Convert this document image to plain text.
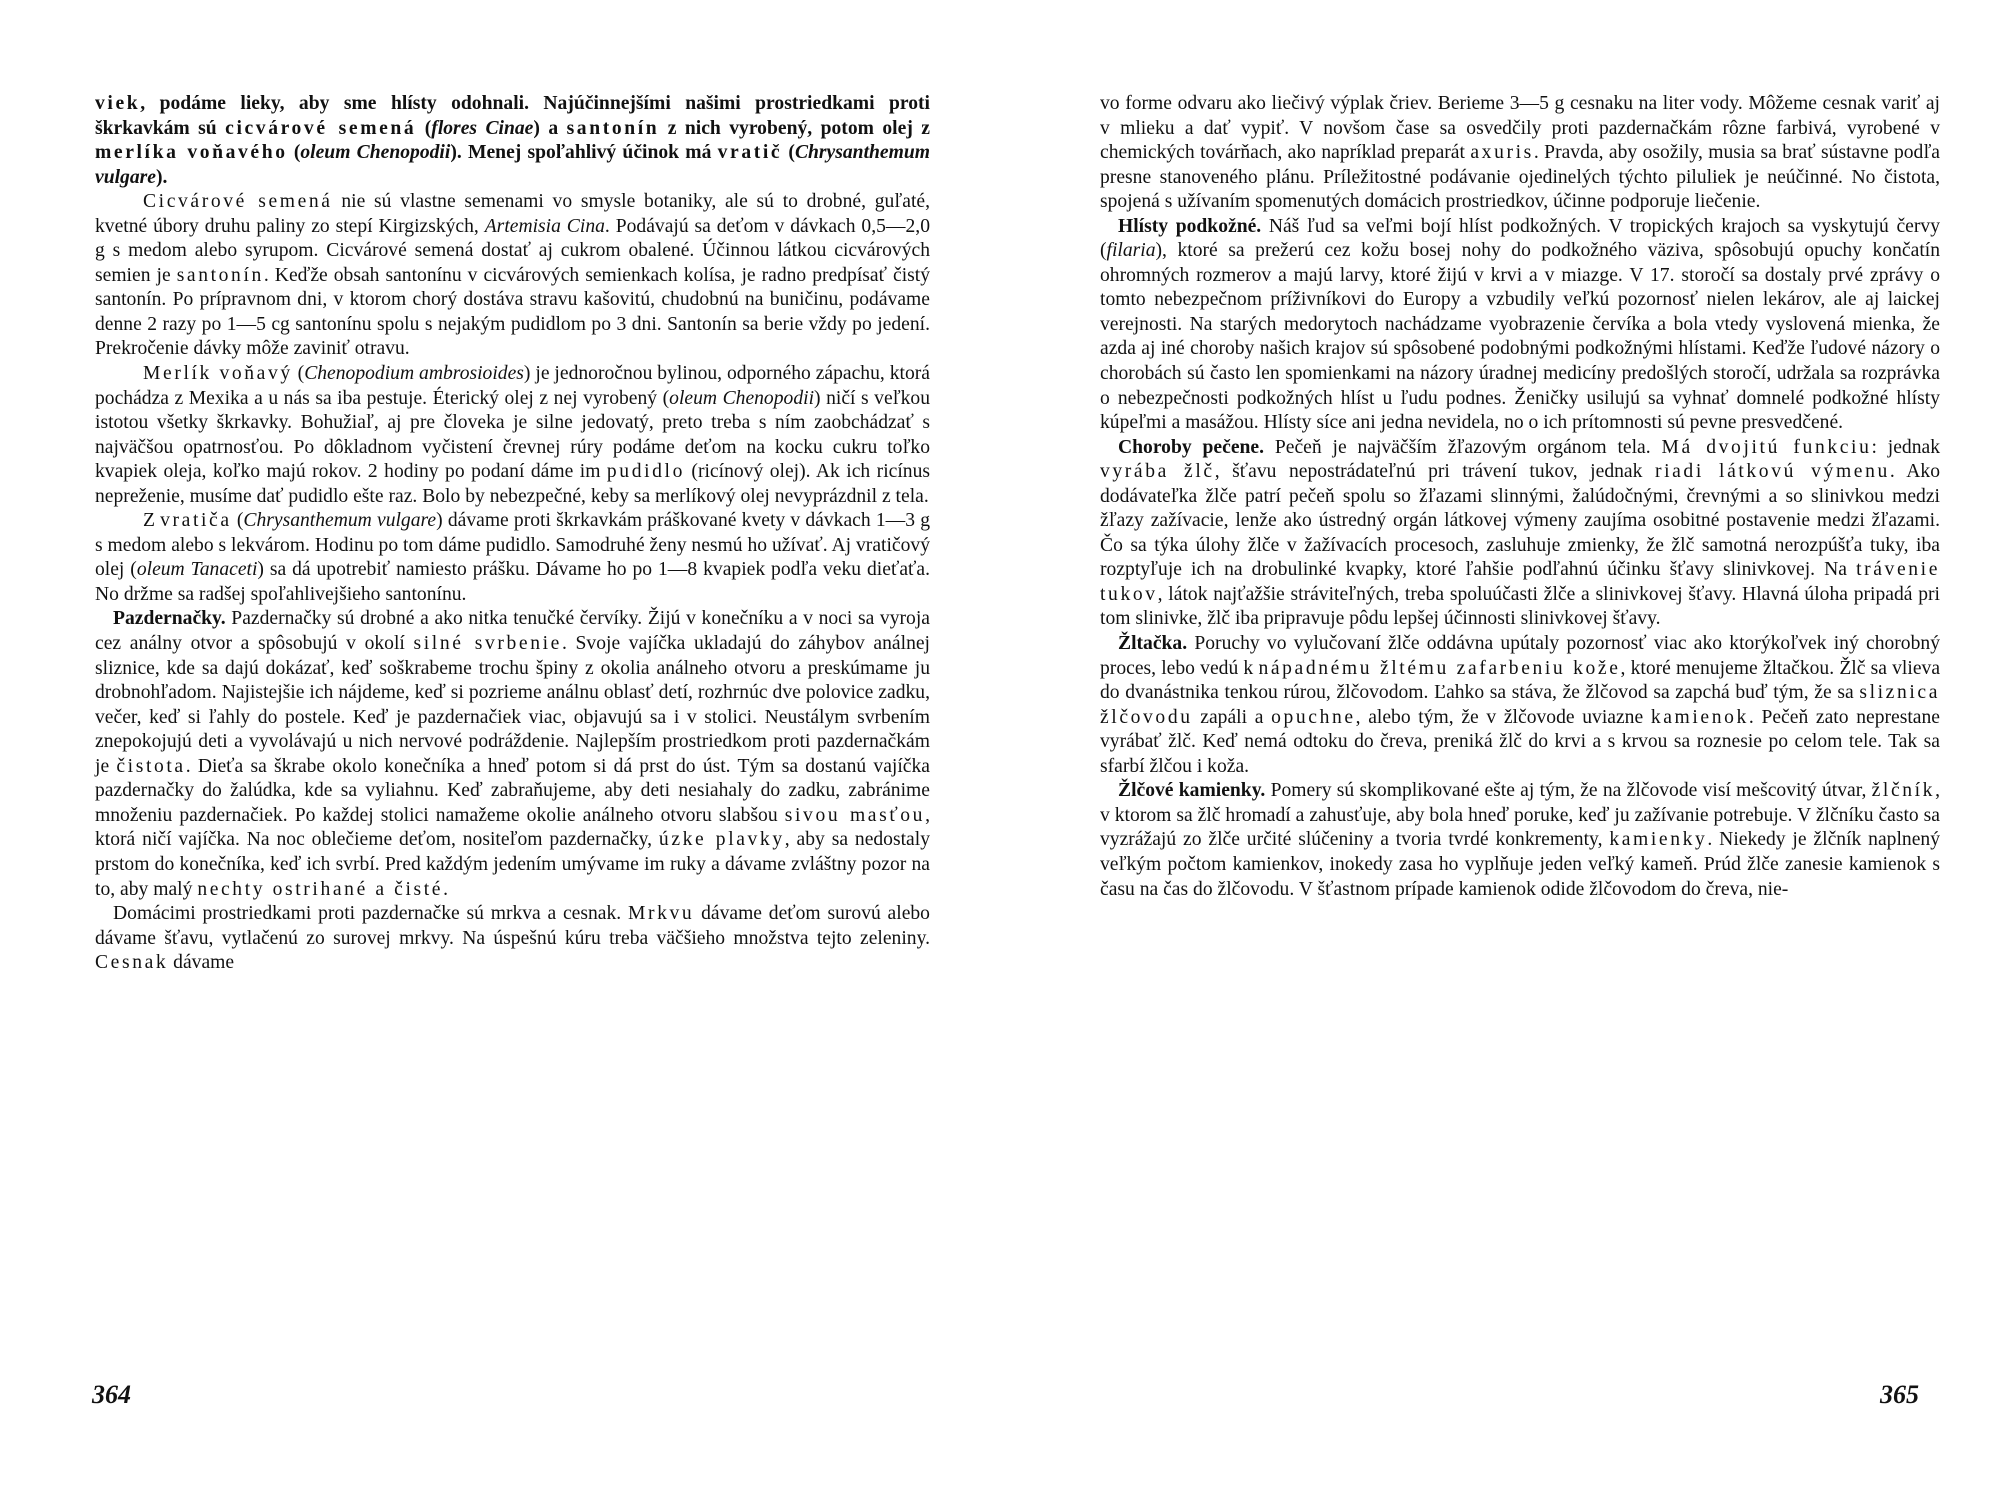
viek, podáme lieky, aby sme hlísty odohnali. Najúčinnejšími našimi prostriedkami proti škrkavkám sú cicvárové semená (flores Cinae) a santonín z nich vyrobený, potom olej z merlíka voňavého (oleum Chenopodii). Menej spoľahlivý účinok má vratič (Chrysanthemum vulgare).

Cicvárové semená nie sú vlastne semenami vo smysle botaniky, ale sú to drobné, guľaté, kvetné úbory druhu paliny zo stepí Kirgizských, Artemisia Cina. Podávajú sa deťom v dávkach 0,5—2,0 g s medom alebo syrupom. Cicvárové semená dostať aj cukrom obalené. Účinnou látkou cicvárových semien je santonín. Keďže obsah santonínu v cicvárových semienkach kolísa, je radno predpísať čistý santonín. Po prípravnom dni, v ktorom chorý dostáva stravu kašovitú, chudobnú na buničinu, podávame denne 2 razy po 1—5 cg santonínu spolu s nejakým pudidlom po 3 dni. Santonín sa berie vždy po jedení. Prekročenie dávky môže zaviniť otravu.

Merlík voňavý (Chenopodium ambrosioides) je jednoročnou bylinou, odporného zápachu, ktorá pochádza z Mexika a u nás sa iba pestuje. Éterický olej z nej vyrobený (oleum Chenopodii) ničí s veľkou istotou všetky škrkavky. Bohužiaľ, aj pre človeka je silne jedovatý, preto treba s ním zaobchádzať s najväčšou opatrnosťou. Po dôkladnom vyčistení črevnej rúry podáme deťom na kocku cukru toľko kvapiek oleja, koľko majú rokov. 2 hodiny po podaní dáme im pudidlo (ricínový olej). Ak ich ricínus nepreženie, musíme dať pudidlo ešte raz. Bolo by nebezpečné, keby sa merlíkový olej nevyprázdnil z tela.

Z vratiča (Chrysanthemum vulgare) dávame proti škrkavkám práškované kvety v dávkach 1—3 g s medom alebo s lekvárom. Hodinu po tom dáme pudidlo. Samodruhé ženy nesmú ho užívať. Aj vratičový olej (oleum Tanaceti) sa dá upotrebiť namiesto prášku. Dávame ho po 1—8 kvapiek podľa veku dieťaťa. No držme sa radšej spoľahlivejšieho santonínu.

Pazdernačky. Pazdernačky sú drobné a ako nitka tenučké červíky. Žijú v konečníku a v noci sa vyroja cez análny otvor a spôsobujú v okolí silné svrbenie. Svoje vajíčka ukladajú do záhybov análnej sliznice, kde sa dajú dokázať, keď soškrabeme trochu špiny z okolia análneho otvoru a preskúmame ju drobnohľadom. Najistejšie ich nájdeme, keď si pozrieme análnu oblasť detí, rozhrnúc dve polovice zadku, večer, keď si ľahly do postele. Keď je pazdernačiek viac, objavujú sa i v stolici. Neustálym svrbením znepokojujú deti a vyvolávajú u nich nervové podráždenie. Najlepším prostriedkom proti pazdernačkám je čistota. Dieťa sa škrabe okolo konečníka a hneď potom si dá prst do úst. Tým sa dostanú vajíčka pazdernačky do žalúdka, kde sa vyliahnu. Keď zabraňujeme, aby deti nesiahaly do zadku, zabránime množeniu pazdernačiek. Po každej stolici namažeme okolie análneho otvoru slabšou sivou masťou, ktorá ničí vajíčka. Na noc oblečieme deťom, nositeľom pazdernačky, úzke plavky, aby sa nedostaly prstom do konečníka, keď ich svrbí. Pred každým jedením umývame im ruky a dávame zvláštny pozor na to, aby malý nechty ostrihané a čisté.

Domácimi prostriedkami proti pazdernačke sú mrkva a cesnak. Mrkvu dávame deťom surovú alebo dávame šťavu, vytlačenú zo surovej mrkvy. Na úspešnú kúru treba väčšieho množstva tejto zeleniny. Cesnak dávame

364

vo forme odvaru ako liečivý výplak čriev. Berieme 3—5 g cesnaku na liter vody. Môžeme cesnak variť aj v mlieku a dať vypiť. V novšom čase sa osvedčily proti pazdernačkám rôzne farbivá, vyrobené v chemických továrňach, ako napríklad preparát axuris. Pravda, aby osožily, musia sa brať sústavne podľa presne stanoveného plánu. Príležitostné podávanie ojedinelých týchto piluliek je neúčinné. No čistota, spojená s užívaním spomenutých domácich prostriedkov, účinne podporuje liečenie.

Hlísty podkožné. Náš ľud sa veľmi bojí hlíst podkožných. V tropických krajoch sa vyskytujú červy (filaria), ktoré sa prežerú cez kožu bosej nohy do podkožného väziva, spôsobujú opuchy končatín ohromných rozmerov a majú larvy, ktoré žijú v krvi a v miazge. V 17. storočí sa dostaly prvé zprávy o tomto nebezpečnom príživníkovi do Europy a vzbudily veľkú pozornosť nielen lekárov, ale aj laickej verejnosti. Na starých medorytoch nachádzame vyobrazenie červíka a bola vtedy vyslovená mienka, že azda aj iné choroby našich krajov sú spôsobené podobnými podkožnými hlístami. Keďže ľudové názory o chorobách sú často len spomienkami na názory úradnej medicíny predošlých storočí, udržala sa rozprávka o nebezpečnosti podkožných hlíst u ľudu podnes. Ženičky usilujú sa vyhnať domnelé podkožné hlísty kúpeľmi a masážou. Hlísty síce ani jedna nevidela, no o ich prítomnosti sú pevne presvedčené.

Choroby pečene. Pečeň je najväčším žľazovým orgánom tela. Má dvojitú funkciu: jednak vyrába žlč, šťavu nepostrádateľnú pri trávení tukov, jednak riadi látkovú výmenu. Ako dodávateľka žlče patrí pečeň spolu so žľazami slinnými, žalúdočnými, črevnými a so slinivkou medzi žľazy zažívacie, lenže ako ústredný orgán látkovej výmeny zaujíma osobitné postavenie medzi žľazami. Čo sa týka úlohy žlče v žažívacích procesoch, zasluhuje zmienky, že žlč samotná nerozpúšťa tuky, iba rozptyľuje ich na drobulinké kvapky, ktoré ľahšie podľahnú účinku šťavy slinivkovej. Na trávenie tukov, látok najťažšie stráviteľných, treba spoluúčasti žlče a slinivkovej šťavy. Hlavná úloha pripadá pri tom slinivke, žlč iba pripravuje pôdu lepšej účinnosti slinivkovej šťavy.

Žltačka. Poruchy vo vylučovaní žlče oddávna upútaly pozornosť viac ako ktorýkoľvek iný chorobný proces, lebo vedú k nápadnému žltému zafarbeniu kože, ktoré menujeme žltačkou. Žlč sa vlieva do dvanástnika tenkou rúrou, žlčovodom. Ľahko sa stáva, že žlčovod sa zapchá buď tým, že sa sliznica žlčovodu zapáli a opuchne, alebo tým, že v žlčovode uviazne kamienok. Pečeň zato neprestane vyrábať žlč. Keď nemá odtoku do čreva, preniká žlč do krvi a s krvou sa roznesie po celom tele. Tak sa sfarbí žlčou i koža.

Žlčové kamienky. Pomery sú skomplikované ešte aj tým, že na žlčovode visí mešcovitý útvar, žlčník, v ktorom sa žlč hromadí a zahusťuje, aby bola hneď poruke, keď ju zažívanie potrebuje. V žlčníku často sa vyzrážajú zo žlče určité slúčeniny a tvoria tvrdé konkrementy, kamienky. Niekedy je žlčník naplnený veľkým počtom kamienkov, inokedy zasa ho vyplňuje jeden veľký kameň. Prúd žlče zanesie kamienok s času na čas do žlčovodu. V šťastnom prípade kamienok odide žlčovodom do čreva, nie-

365
